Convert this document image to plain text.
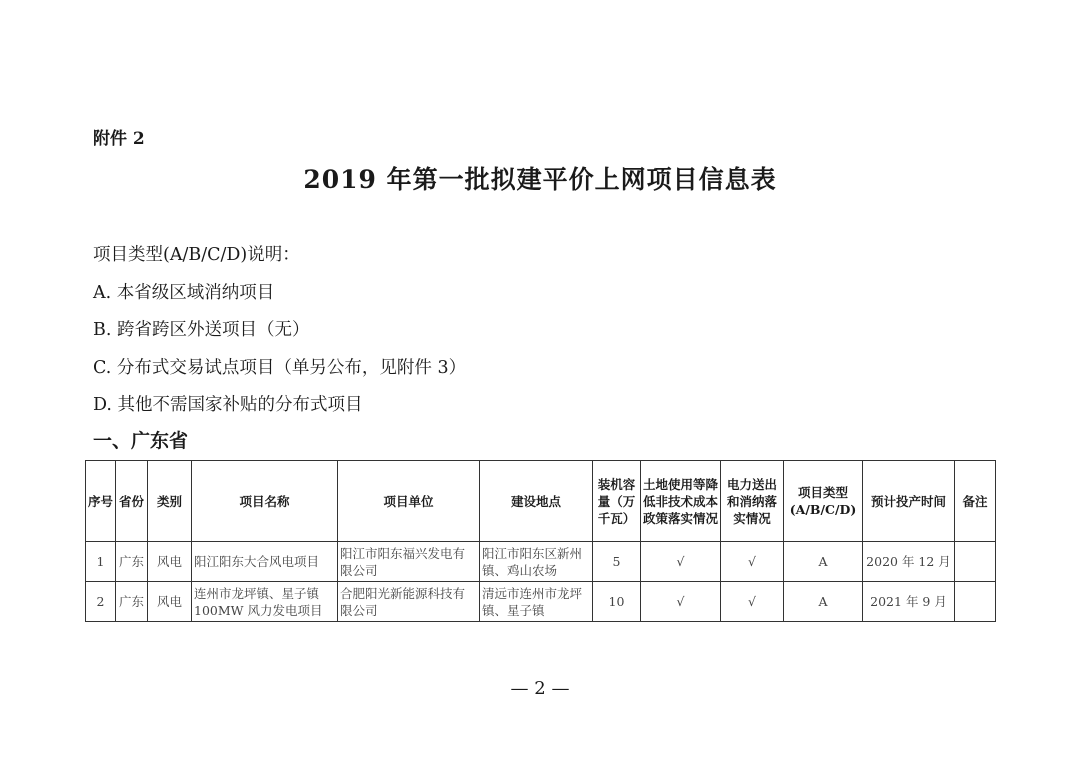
附件 2
2019 年第一批拟建平价上网项目信息表
项目类型(A/B/C/D)说明：
A. 本省级区域消纳项目
B. 跨省跨区外送项目（无）
C. 分布式交易试点项目（单另公布，见附件 3）
D. 其他不需国家补贴的分布式项目
一、广东省
序号	省份	类别	项目名称	项目单位	建设地点	装机容量（万千瓦）	土地使用等降低非技术成本政策落实情况	电力送出和消纳落实情况	项目类型(A/B/C/D)	预计投产时间	备注
1	广东	风电	阳江阳东大合风电项目	阳江市阳东福兴发电有限公司	阳江市阳东区新州镇、鸡山农场	5	√	√	A	2020 年 12 月	
2	广东	风电	连州市龙坪镇、星子镇100MW 风力发电项目	合肥阳光新能源科技有限公司	清远市连州市龙坪镇、星子镇	10	√	√	A	2021 年 9 月	
— 2 —
